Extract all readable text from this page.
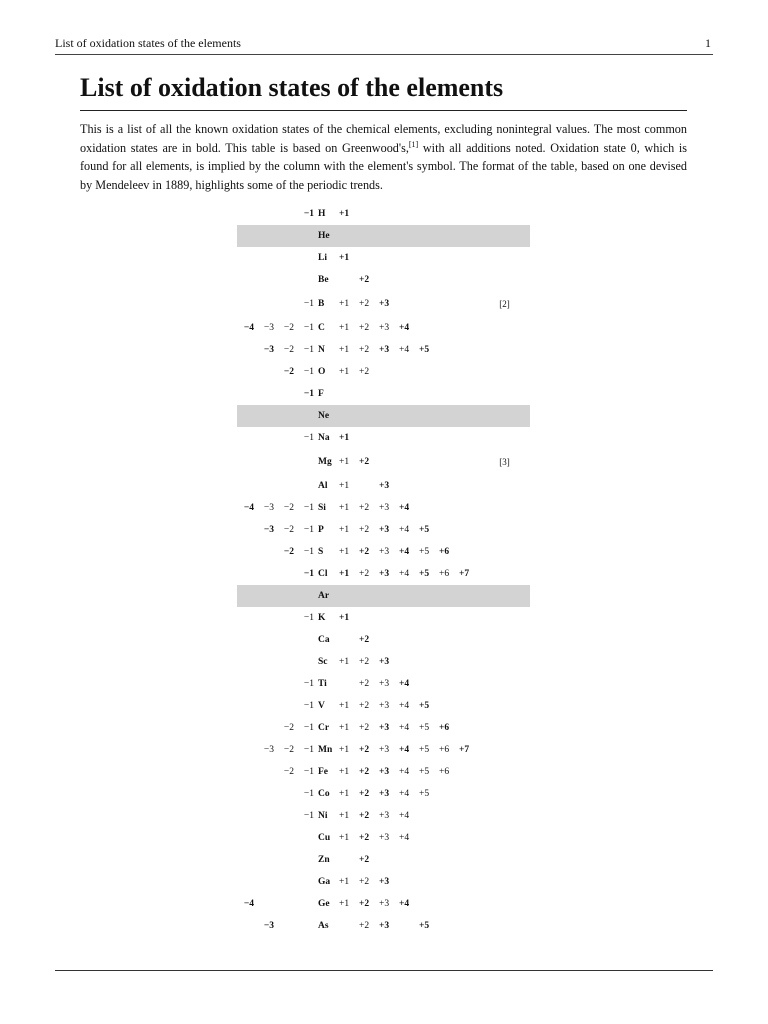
List of oxidation states of the elements	1
List of oxidation states of the elements

This is a list of all the known oxidation states of the chemical elements, excluding nonintegral values. The most common oxidation states are in bold. This table is based on Greenwood's,[1] with all additions noted. Oxidation state 0, which is found for all elements, is implied by the column with the element's symbol. The format of the table, based on one devised by Mendeleev in 1889, highlights some of the periodic trends.

			−1	H	+1							
				He								
				Li	+1							
				Be		+2						
			−1	B	+1	+2	+3					[2]
−4	−3	−2	−1	C	+1	+2	+3	+4				
	−3	−2	−1	N	+1	+2	+3	+4	+5			
		−2	−1	O	+1	+2						
			−1	F								
				Ne								
			−1	Na	+1							
				Mg	+1	+2						[3]
				Al	+1		+3					
−4	−3	−2	−1	Si	+1	+2	+3	+4				
	−3	−2	−1	P	+1	+2	+3	+4	+5			
		−2	−1	S	+1	+2	+3	+4	+5	+6		
			−1	Cl	+1	+2	+3	+4	+5	+6	+7	
				Ar								
			−1	K	+1							
				Ca		+2						
				Sc	+1	+2	+3					
			−1	Ti		+2	+3	+4				
			−1	V	+1	+2	+3	+4	+5			
		−2	−1	Cr	+1	+2	+3	+4	+5	+6		
	−3	−2	−1	Mn	+1	+2	+3	+4	+5	+6	+7	
		−2	−1	Fe	+1	+2	+3	+4	+5	+6		
			−1	Co	+1	+2	+3	+4	+5			
			−1	Ni	+1	+2	+3	+4				
				Cu	+1	+2	+3	+4				
				Zn		+2						
				Ga	+1	+2	+3					
−4				Ge	+1	+2	+3	+4				
	−3			As		+2	+3		+5			
